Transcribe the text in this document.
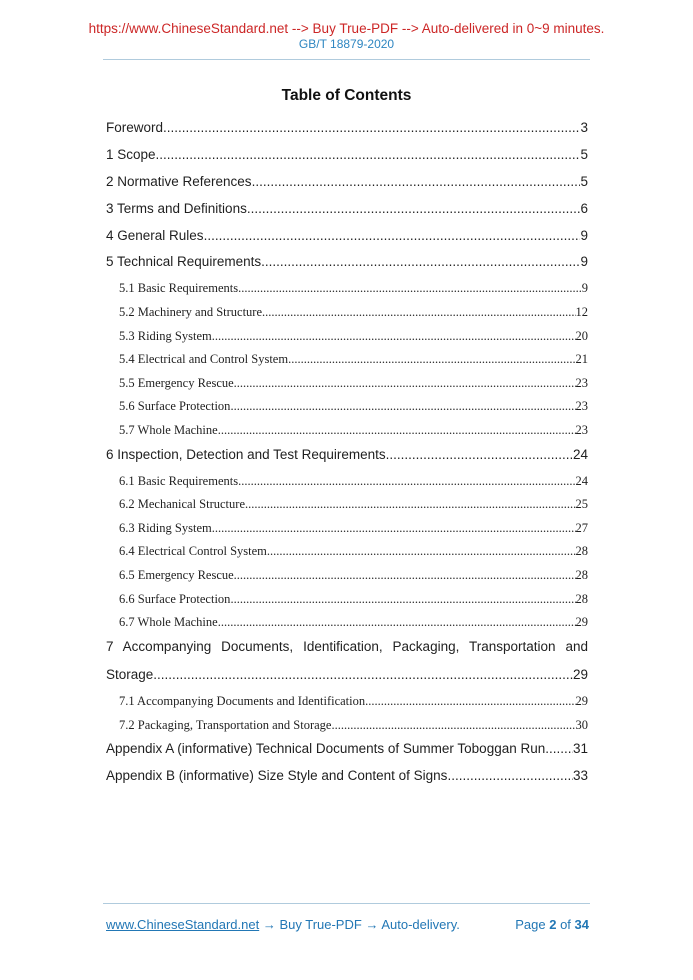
https://www.ChineseStandard.net --> Buy True-PDF --> Auto-delivered in 0~9 minutes.
GB/T 18879-2020
Table of Contents
Foreword .....	3
1 Scope .....	5
2 Normative References .....	5
3 Terms and Definitions .....	6
4 General Rules .....	9
5 Technical Requirements .....	9
5.1 Basic Requirements .....	9
5.2 Machinery and Structure .....	12
5.3 Riding System .....	20
5.4 Electrical and Control System .....	21
5.5 Emergency Rescue .....	23
5.6 Surface Protection .....	23
5.7 Whole Machine .....	23
6 Inspection, Detection and Test Requirements .....	24
6.1 Basic Requirements .....	24
6.2 Mechanical Structure .....	25
6.3 Riding System .....	27
6.4 Electrical Control System .....	28
6.5 Emergency Rescue .....	28
6.6 Surface Protection .....	28
6.7 Whole Machine .....	29
7 Accompanying Documents, Identification, Packaging, Transportation and
Storage .....	29
7.1 Accompanying Documents and Identification .....	29
7.2 Packaging, Transportation and Storage .....	30
Appendix A (informative) Technical Documents of Summer Toboggan Run ..... 31
Appendix B (informative) Size Style and Content of Signs .....	33
www.ChineseStandard.net → Buy True-PDF → Auto-delivery.	Page 2 of 34
